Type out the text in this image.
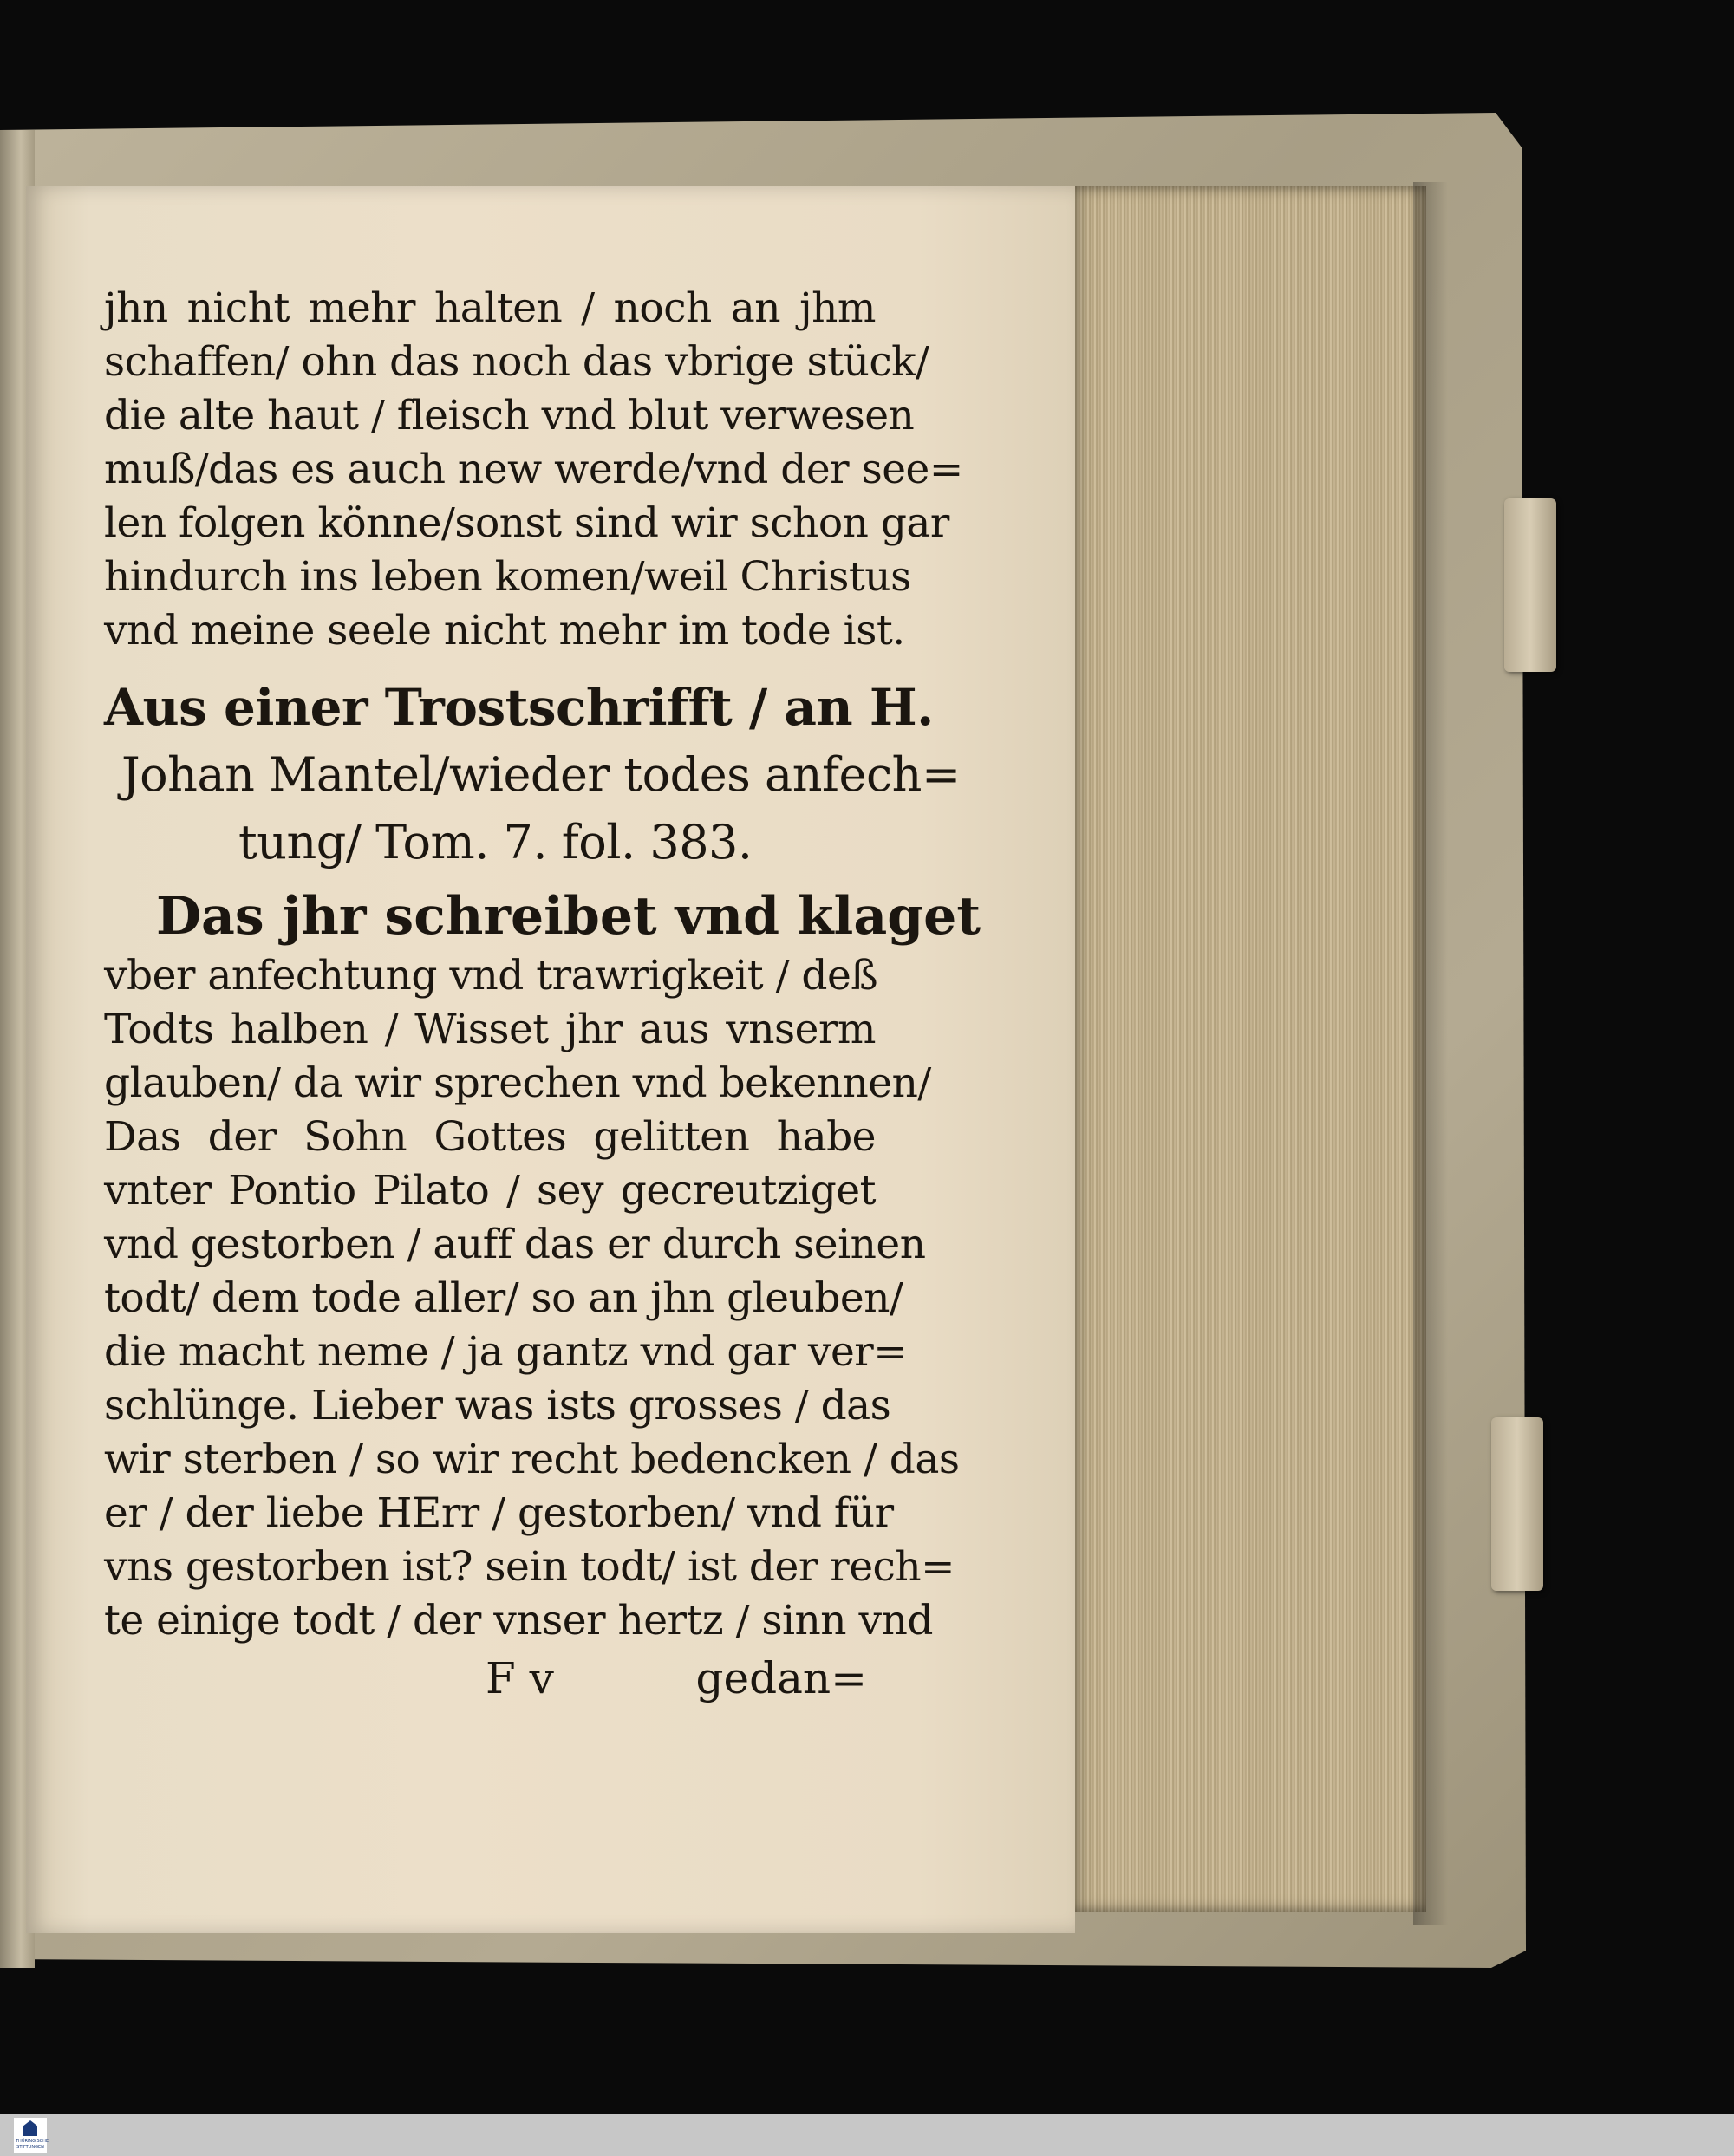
jhn nicht mehr halten / noch an jhm
schaffen/ ohn das noch das vbrige stück/
die alte haut / fleisch vnd blut verwesen
muß/das es auch new werde/vnd der see=
len folgen könne/sonst sind wir schon gar
hindurch ins leben komen/weil Christus
vnd meine seele nicht mehr im tode ist.
Aus einer Trostschrifft / an H.
Johan Mantel/wieder todes anfech=
tung/ Tom. 7. fol. 383.
Das jhr schreibet vnd klaget
vber anfechtung vnd trawrigkeit / deß
Todts halben / Wisset jhr aus vnserm
glauben/ da wir sprechen vnd bekennen/
Das der Sohn Gottes gelitten habe
vnter Pontio Pilato / sey gecreutziget
vnd gestorben / auff das er durch seinen
todt/ dem tode aller/ so an jhn gleuben/
die macht neme / ja gantz vnd gar ver=
schlünge. Lieber was ists grosses / das
wir sterben / so wir recht bedencken / das
er / der liebe HErr / gestorben/ vnd für
vns gestorben ist? sein todt/ ist der rech=
te einige todt / der vnser hertz / sinn vnd
F v	gedan=
THÜRINGISCHE STIFTUNGEN
